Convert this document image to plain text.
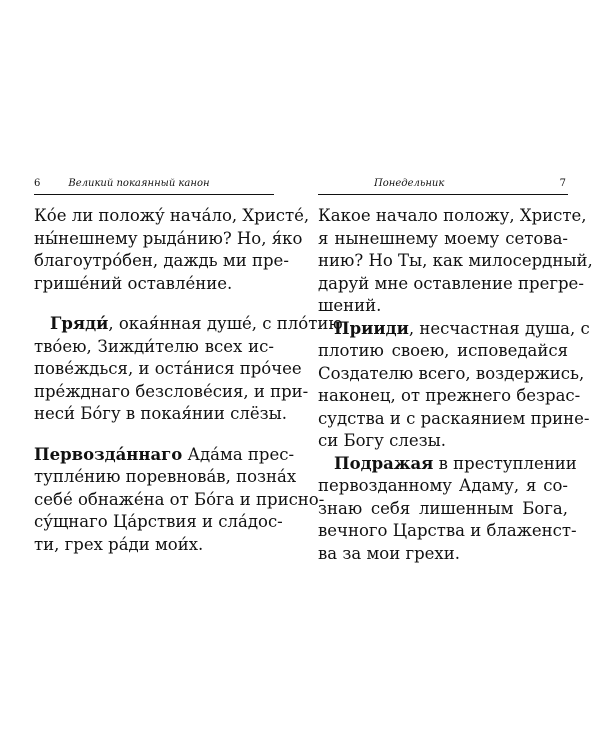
6	Великий покаянный канон

Ко́е ли положу́ нача́ло, Христе́,
ны́нешнему рыда́нию? Но, я́ко
благоутро́бен, даждь ми пре-
грише́ний оставле́ние.

Гряди́, окая́нная душе́, с пло́тию
тво́ею, Зижди́телю всех ис-
пове́ждься, и оста́нися про́чее
пре́жднаго безслове́сия, и при-
неси́ Бо́гу в покая́нии слёзы.

Первозда́ннаго Ада́ма прес-
тупле́нию поревнова́в, позна́х
себе́ обнаже́на от Бо́га и присно-
су́щнаго Ца́рствия и сла́дос-
ти, грех ра́ди мои́х.

Понедельник	7

Какое начало положу, Христе,
я нынешнему моему сетова-
нию? Но Ты, как милосердный,
даруй мне оставление прегре-
шений.

Прииди, несчастная душа, с
плотию своею, исповедайся
Создателю всего, воздержись,
наконец, от прежнего безрас-
судства и с раскаянием прине-
си Богу слезы.

Подражая в преступлении
первозданному Адаму, я со-
знаю себя лишенным Бога,
вечного Царства и блаженст-
ва за мои грехи.
